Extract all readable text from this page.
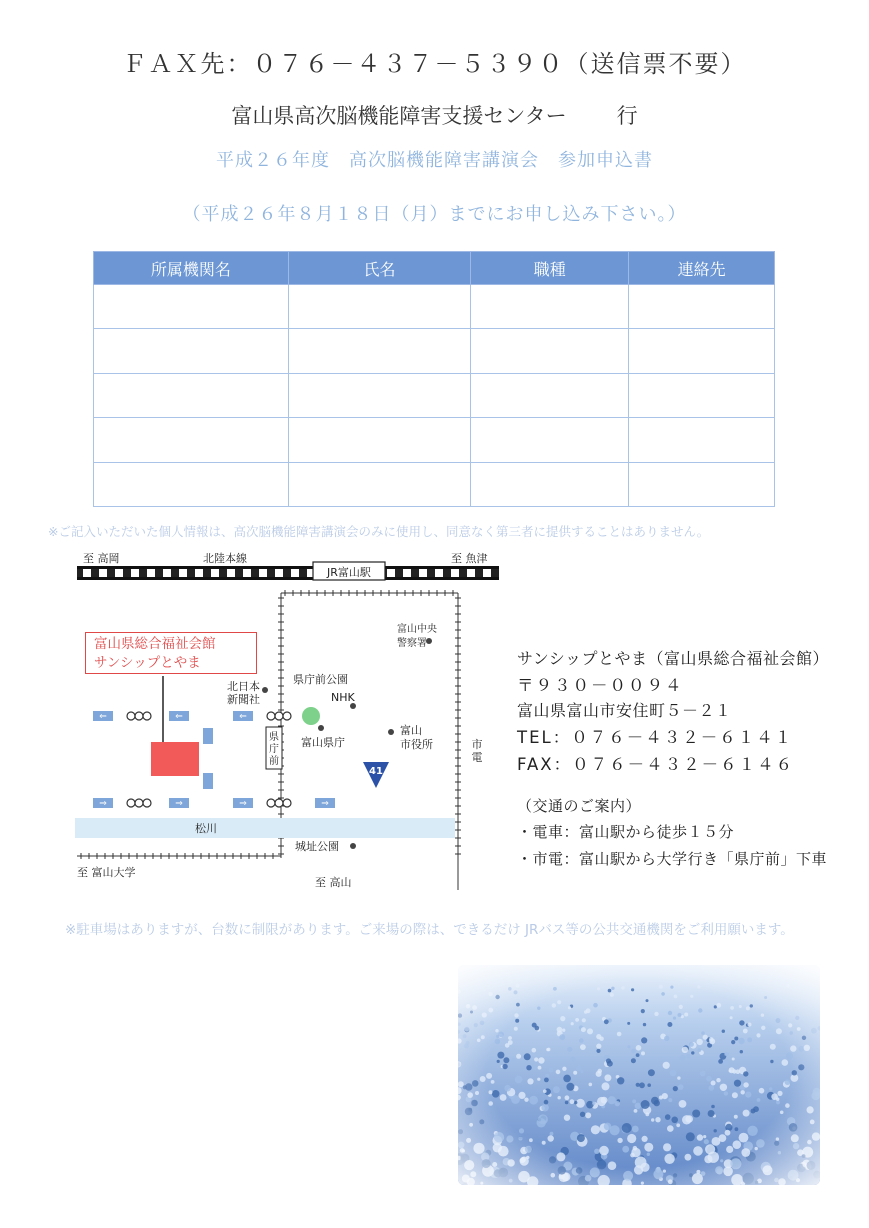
ＦＡＸ先：０７６－４３７－５３９０（送信票不要）
富山県高次脳機能障害支援センター 行
平成２６年度　高次脳機能障害講演会　参加申込書
（平成２６年８月１８日（月）までにお申し込み下さい。）
所属機関名	氏名	職種	連絡先

※ご記入いただいた個人情報は、高次脳機能障害講演会のみに使用し、同意なく第三者に提供することはありません。
至 高岡	北陸本線	至 魚津
JR富山駅
松川
⇐	⇐	⇐
⇒	⇒	⇒	⇒
北日本
新聞社
県庁前公園
NHK
富山県庁
富山中央
警察署
富山
市役所
城址公園
至 富山大学
至 高山
県
庁
前
市
電
41
富山県総合福祉会館
サンシップとやま	サンシップとやま（富山県総合福祉会館）
〒９３０－００９４
富山県富山市安住町５－２１
TEL：０７６－４３２－６１４１
FAX：０７６－４３２－６１４６
（交通のご案内）
・電車：富山駅から徒歩１５分
・市電：富山駅から大学行き「県庁前」下車
※駐車場はありますが、台数に制限があります。ご来場の際は、できるだけ JRバス等の公共交通機関をご利用願います。
